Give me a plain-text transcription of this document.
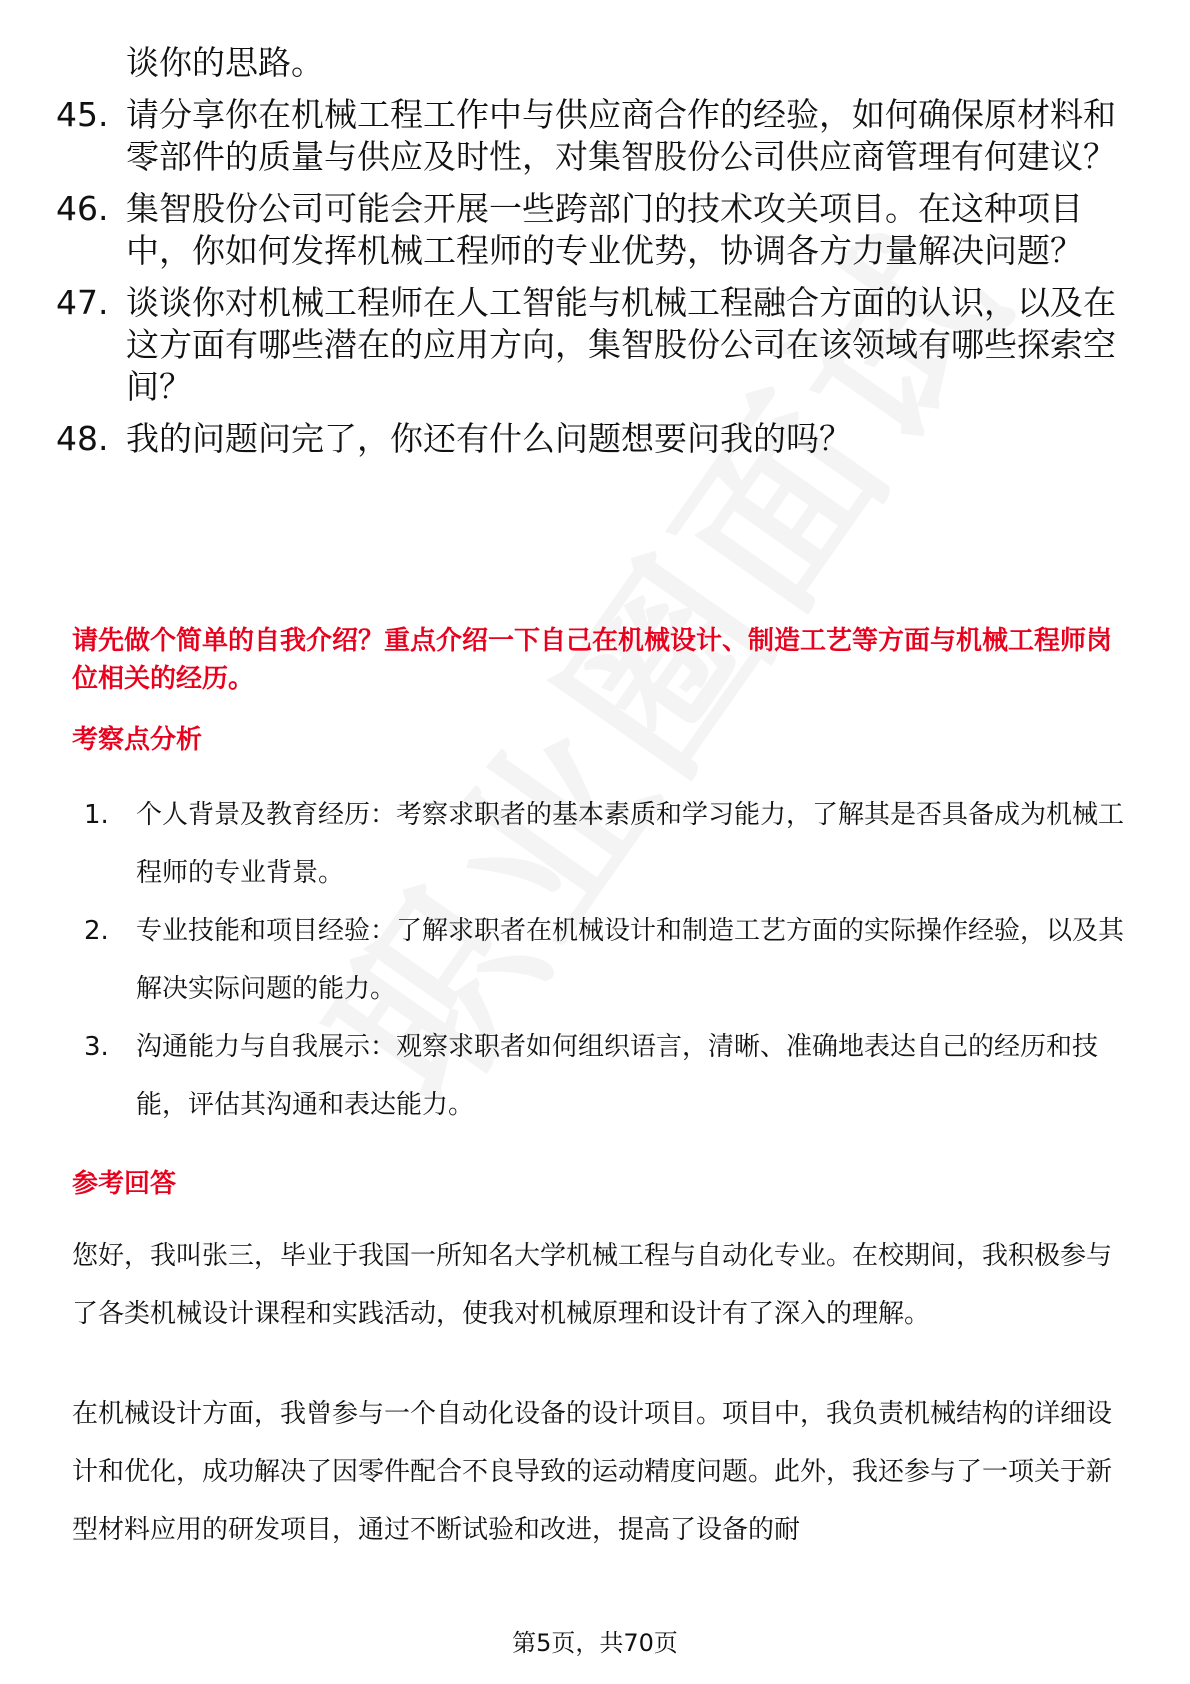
谈你的思路。
45. 请分享你在机械工程工作中与供应商合作的经验，如何确保原材料和零部件的质量与供应及时性，对集智股份公司供应商管理有何建议？
46. 集智股份公司可能会开展一些跨部门的技术攻关项目。在这种项目中，你如何发挥机械工程师的专业优势，协调各方力量解决问题？
47. 谈谈你对机械工程师在人工智能与机械工程融合方面的认识，以及在这方面有哪些潜在的应用方向，集智股份公司在该领域有哪些探索空间？
48. 我的问题问完了，你还有什么问题想要问我的吗？
请先做个简单的自我介绍？重点介绍一下自己在机械设计、制造工艺等方面与机械工程师岗位相关的经历。
考察点分析
1.	个人背景及教育经历：考察求职者的基本素质和学习能力，了解其是否具备成为机械工程师的专业背景。
2.	专业技能和项目经验：了解求职者在机械设计和制造工艺方面的实际操作经验，以及其解决实际问题的能力。
3.	沟通能力与自我展示：观察求职者如何组织语言，清晰、准确地表达自己的经历和技能，评估其沟通和表达能力。
参考回答

您好，我叫张三，毕业于我国一所知名大学机械工程与自动化专业。在校期间，我积极参与了各类机械设计课程和实践活动，使我对机械原理和设计有了深入的理解。

在机械设计方面，我曾参与一个自动化设备的设计项目。项目中，我负责机械结构的详细设计和优化，成功解决了因零件配合不良导致的运动精度问题。此外，我还参与了一项关于新型材料应用的研发项目，通过不断试验和改进，提高了设备的耐

第5页，共70页
